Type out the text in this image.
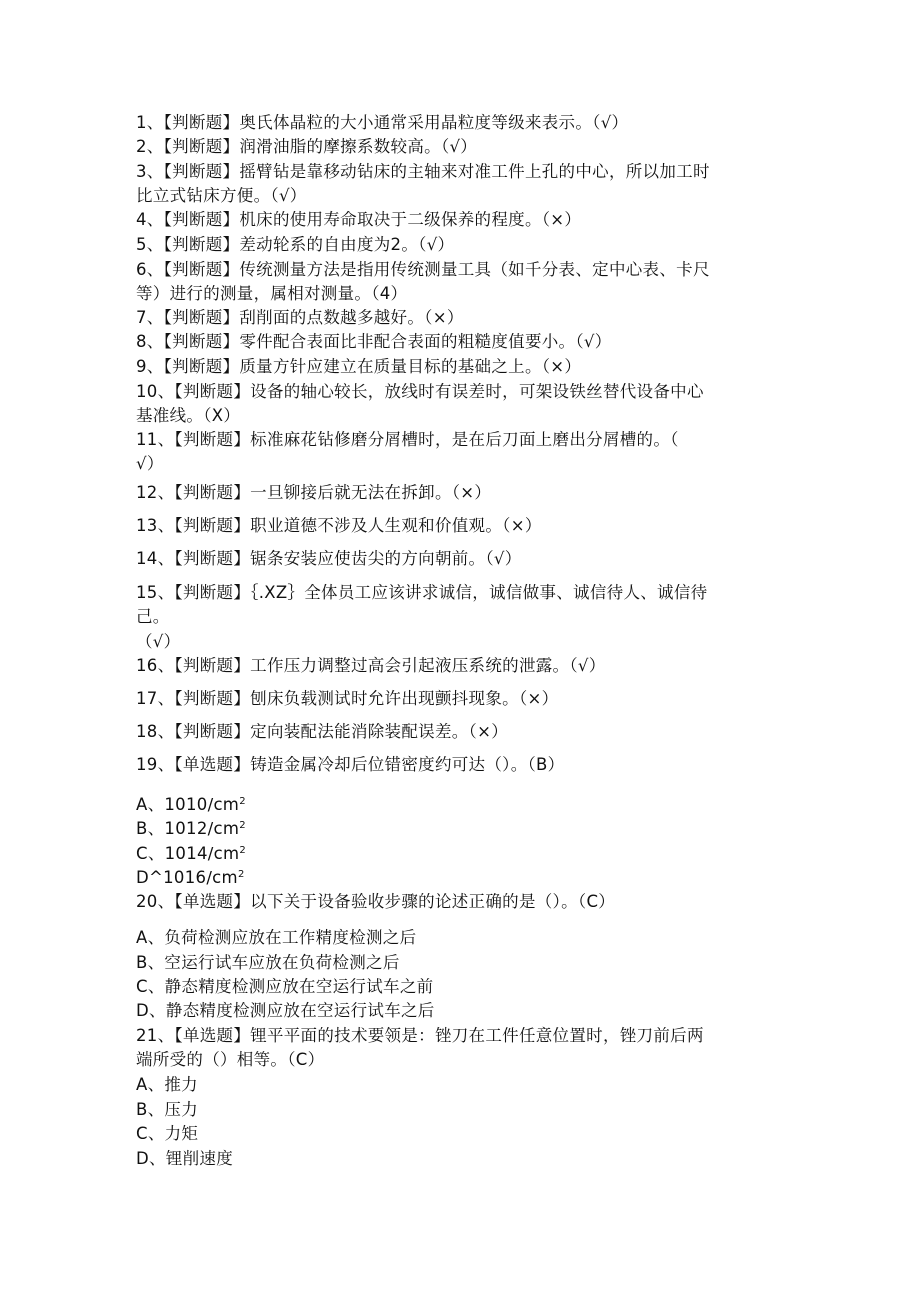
1、【判断题】奥氏体晶粒的大小通常采用晶粒度等级来表示。（√）
2、【判断题】润滑油脂的摩擦系数较高。（√）
3、【判断题】摇臂钻是靠移动钻床的主轴来对准工件上孔的中心，所以加工时
比立式钻床方便。（√）
4、【判断题】机床的使用寿命取决于二级保养的程度。（×）
5、【判断题】差动轮系的自由度为2。（√）
6、【判断题】传统测量方法是指用传统测量工具（如千分表、定中心表、卡尺
等）进行的测量，属相对测量。（4）
7、【判断题】刮削面的点数越多越好。（×）
8、【判断题】零件配合表面比非配合表面的粗糙度值要小。（√）
9、【判断题】质量方针应建立在质量目标的基础之上。（×）
10、【判断题】设备的轴心较长，放线时有误差时，可架设铁丝替代设备中心
基准线。（X）
11、【判断题】标准麻花钻修磨分屑槽时，是在后刀面上磨出分屑槽的。（
√）
12、【判断题】一旦铆接后就无法在拆卸。（×）
13、【判断题】职业道德不涉及人生观和价值观。（×）
14、【判断题】锯条安装应使齿尖的方向朝前。（√）
15、【判断题】｛.XZ｝全体员工应该讲求诚信，诚信做事、诚信待人、诚信待
己。
（√）
16、【判断题】工作压力调整过高会引起液压系统的泄露。（√）
17、【判断题】刨床负载测试时允许出现颤抖现象。（×）
18、【判断题】定向装配法能消除装配误差。（×）
19、【单选题】铸造金属冷却后位错密度约可达（）。（B）
A、$1010∕cm^2$
B、$1012∕cm^2$
C、$1014∕cm^2$
$D\^{}1016∕cm^2$
20、【单选题】以下关于设备验收步骤的论述正确的是（）。（C）
A、负荷检测应放在工作精度检测之后
B、空运行试车应放在负荷检测之后
C、静态精度检测应放在空运行试车之前
D、静态精度检测应放在空运行试车之后
21、【单选题】锂平平面的技术要领是：锉刀在工件任意位置时，锉刀前后两
端所受的（）相等。（C）
A、推力
B、压力
C、力矩
D、锂削速度
